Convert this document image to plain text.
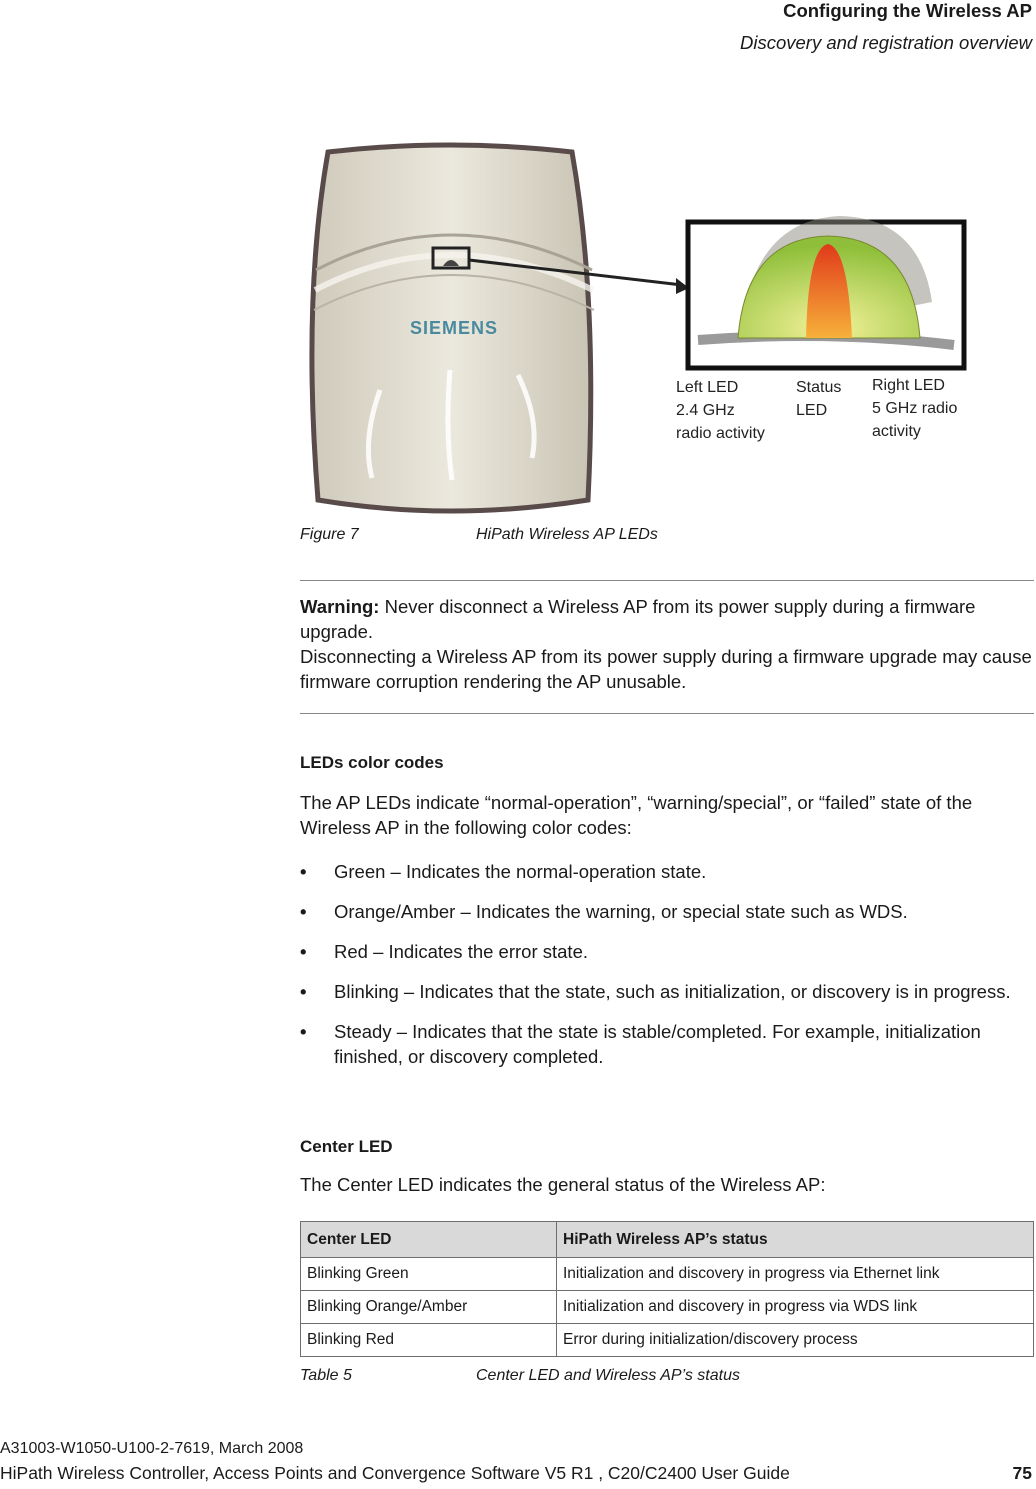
Configuring the Wireless AP
Discovery and registration overview
SIEMENS
Left LED 2.4 GHz radio activity
Status LED
Right LED 5 GHz radio activity
Figure 7	HiPath Wireless AP LEDs
Warning: Never disconnect a Wireless AP from its power supply during a firmware upgrade.
Disconnecting a Wireless AP from its power supply during a firmware upgrade may cause firmware corruption rendering the AP unusable.
LEDs color codes
The AP LEDs indicate “normal-operation”, “warning/special”, or “failed” state of the Wireless AP in the following color codes:
•	Green – Indicates the normal-operation state.
•	Orange/Amber – Indicates the warning, or special state such as WDS.
•	Red – Indicates the error state.
•	Blinking – Indicates that the state, such as initialization, or discovery is in progress.
•	Steady – Indicates that the state is stable/completed. For example, initialization finished, or discovery completed.
Center LED
The Center LED indicates the general status of the Wireless AP:
Center LED	HiPath Wireless AP’s status
Blinking Green	Initialization and discovery in progress via Ethernet link
Blinking Orange/Amber	Initialization and discovery in progress via WDS link
Blinking Red	Error during initialization/discovery process
Table 5	Center LED and Wireless AP’s status
A31003-W1050-U100-2-7619, March 2008
HiPath Wireless Controller, Access Points and Convergence Software V5 R1 , C20/C2400 User Guide	75
